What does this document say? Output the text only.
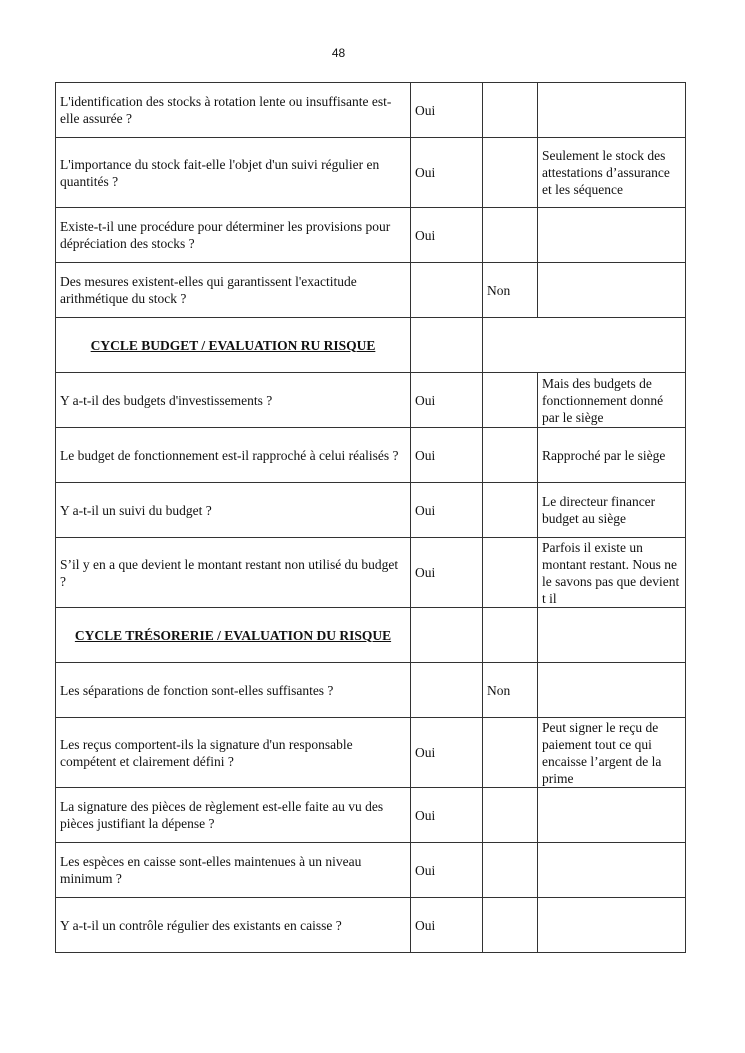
48
L'identification des stocks à rotation lente ou insuffisante est-elle assurée ?	Oui		
L'importance du stock fait-elle l'objet d'un suivi régulier en quantités ?	Oui		Seulement le stock des attestations d’assurance et les séquence
Existe-t-il une procédure pour déterminer les provisions pour dépréciation des stocks ?	Oui		
Des mesures existent-elles qui garantissent l'exactitude arithmétique du stock ?		Non	
CYCLE BUDGET / EVALUATION RU RISQUE			
Y a-t-il des budgets d'investissements ?	Oui		Mais des budgets de fonctionnement donné par le siège
Le budget de fonctionnement est-il rapproché à celui réalisés ?	Oui		Rapproché par le siège
Y a-t-il un suivi du budget ?	Oui		Le directeur financer budget au siège
S’il y en a que devient le montant restant non utilisé du budget ?	Oui		Parfois il existe un montant restant. Nous ne le savons pas que devient t il
CYCLE TRÉSORERIE / EVALUATION DU RISQUE			
Les séparations de fonction sont-elles suffisantes ?		Non	
Les reçus comportent-ils la signature d'un responsable compétent et clairement défini ?	Oui		Peut signer le reçu de paiement tout ce qui encaisse l’argent de la prime
La signature des pièces de règlement est-elle faite au vu des pièces justifiant la dépense ?	Oui		
Les espèces en caisse sont-elles maintenues à un niveau minimum ?	Oui		
Y a-t-il un contrôle régulier des existants en caisse ?	Oui		
